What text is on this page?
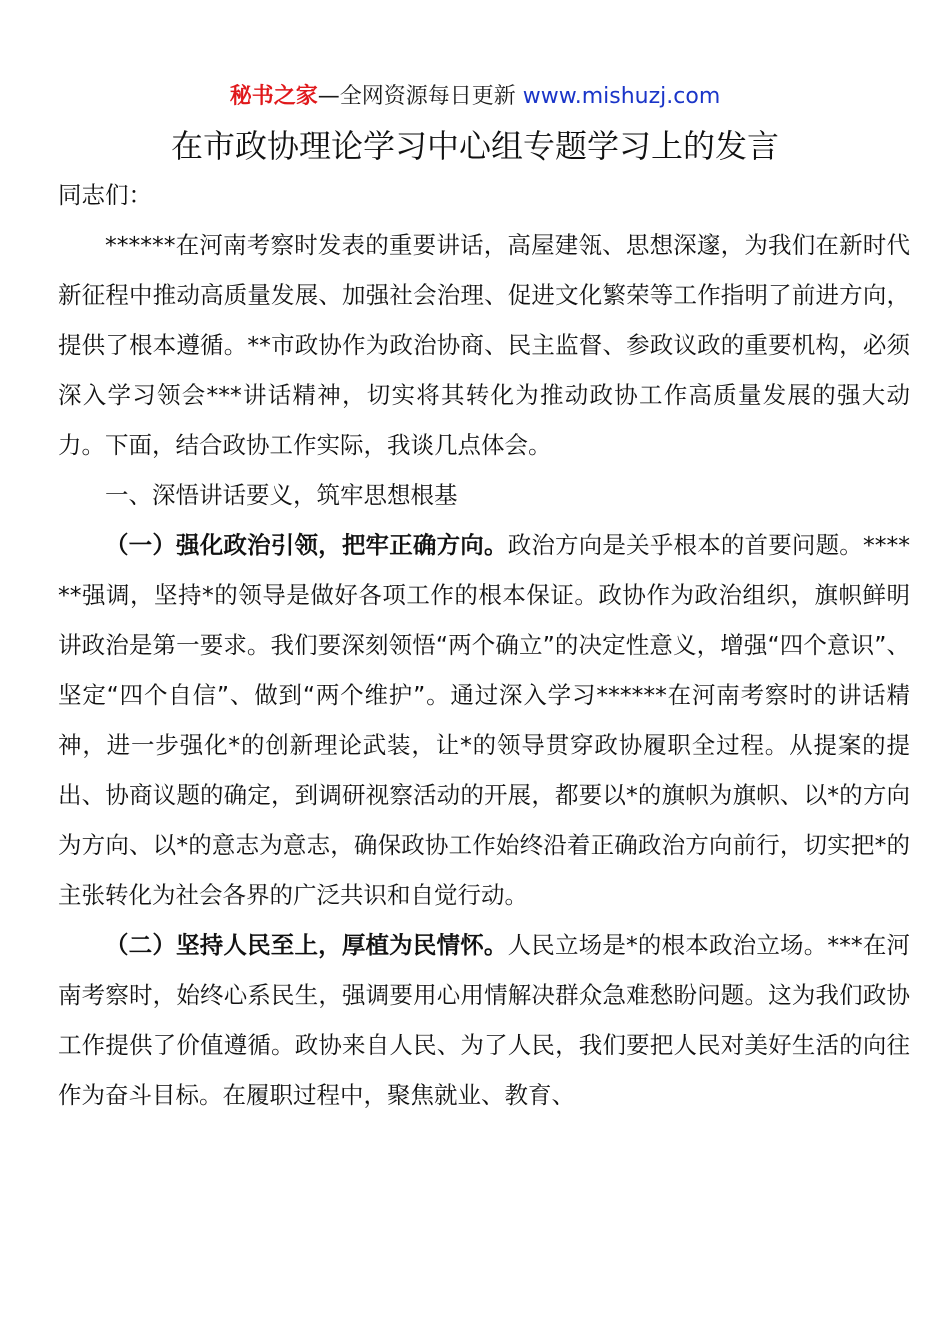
秘书之家—全网资源每日更新 www.mishuzj.com
在市政协理论学习中心组专题学习上的发言

同志们：

******在河南考察时发表的重要讲话，高屋建瓴、思想深邃，为我们在新时代新征程中推动高质量发展、加强社会治理、促进文化繁荣等工作指明了前进方向，提供了根本遵循。**市政协作为政治协商、民主监督、参政议政的重要机构，必须深入学习领会***讲话精神，切实将其转化为推动政协工作高质量发展的强大动力。下面，结合政协工作实际，我谈几点体会。

一、深悟讲话要义，筑牢思想根基

（一）强化政治引领，把牢正确方向。政治方向是关乎根本的首要问题。******强调，坚持*的领导是做好各项工作的根本保证。政协作为政治组织，旗帜鲜明讲政治是第一要求。我们要深刻领悟“两个确立”的决定性意义，增强“四个意识”、坚定“四个自信”、做到“两个维护”。通过深入学习******在河南考察时的讲话精神，进一步强化*的创新理论武装，让*的领导贯穿政协履职全过程。从提案的提出、协商议题的确定，到调研视察活动的开展，都要以*的旗帜为旗帜、以*的方向为方向、以*的意志为意志，确保政协工作始终沿着正确政治方向前行，切实把*的主张转化为社会各界的广泛共识和自觉行动。

（二）坚持人民至上，厚植为民情怀。人民立场是*的根本政治立场。***在河南考察时，始终心系民生，强调要用心用情解决群众急难愁盼问题。这为我们政协工作提供了价值遵循。政协来自人民、为了人民，我们要把人民对美好生活的向往作为奋斗目标。在履职过程中，聚焦就业、教育、
